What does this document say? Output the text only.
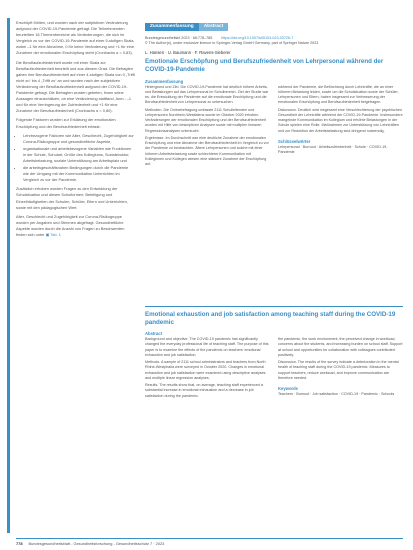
Erschöpft fühlten, und wurden nach der subjektiven Veränderung aufgrund der COVID-19-Pandemie gefragt. Die Teilnehmenden beurteilten 18 Themenbereiche als Veränderungen, die sich im Vergleich zu vor der COVID-19-Pandemie auf einer 5-stufigen Skala, wobei –1 für eine Abnahme, 0 für keine Veränderung und +1 für eine Zunahme der emotionalen Erschöpfung steht (Cronbachs α = 0,83).

Die Beruflaufzufriedenheit wurde mit einer Skala zur Beruflaufzufriedenheit beurteilt und aus diesem Grad. Die Befragten gaben ihre Berufszufriedenheit auf einer 4-stufigen Skala von 0 „Trifft nicht zu“ bis 4 „Trifft zu“ an und wurden nach der subjektiven Veränderung der Beruflaufzufriedenheit aufgrund der COVID-19-Pandemie gefragt. Die Befragten wurden gebeten, ihnen seine Aussagen einzuschätzen, ob eine Veränderung stattfand, Anm.: –1 und für eine Verringerung der Zufriedenheit und +1 für eine Zunahme der Berufszufriedenheit (Cronbachs α = 0,80).

Folgende Faktoren wurden zur Erklärung der emotionalen Erschöpfung und der Berufszufriedenheit erfasst:

• Lehrbezogene Faktoren wie Alter, Geschlecht, Zugehörigkeit zur Corona-Risikogruppe und gesundheitliche Aspekte,
• organisationale und arbeitsbezogene Variablen wie Funktionen in der Schule, Schulart, Größe des Kollegiums, Sozialstruktur, Arbeitsbelastung, soziale Unterstützung am Arbeitsplatz und
• die arbeitsgeschäftsnahen Bedingungen durch die Pandemie wie der Umgang mit der Kommunikation Unterrichten im Vergleich zu vor der Pandemie.

Zusätzlich erhoben wurden Fragen zu den Entwicklung der Schulsituation und diesen Schulformen: Beteiligung und Einzelhäufigkeiten der Schulen, Schüler, Eltern und Unterrichten, sowie mit den pädagogischen Wert.

Alter, Geschlecht und Zugehörigkeit zur Corona-Risikogruppe wurden per Angaben und Stimmen abgefragt. Gesundheitliche Aspekte wurden durch die Anzahl von Fragen zu Beschwerden finden sich unter ▣ Tab. 1

Zusammenfassung	Abstract
Bundesgesundheitsbl 2023 · 66:778–785 https://doi.org/10.1007/s00103-023-03726-7
© The Author(s), under exclusive licence to Springer-Verlag GmbH Germany, part of Springer Nature 2023
L. Hansen · U. Baumann · F. Ravens-Sieberer
Emotionale Erschöpfung und Berufszufriedenheit von Lehrpersonal während der COVID-19-Pandemie
Zusammenfassung

Hintergrund und Ziel. Die COVID-19-Pandemie hat deutlich höhere Arbeits- und Belastungen auf das Lehrpersonal im Schulbereich. Ziel der Studie war es, die Entwicklung der Pandemie auf die emotionale Erschöpfung und die Berufszufriedenheit von Lehrpersonal zu untersuchen.

Methoden. Die Onlinebefragung umfasste 2111 Schulleitenden und Lehrpersonen Nordrhein-Westfalens wurde im Oktober 2020 erhoben. Veränderungen der emotionalen Erschöpfung und der Berufszufriedenheit wurden mit Hilfe von deskriptiven Analysen sowie mit multiplen linearen Regressionsanalysen untersucht.

Ergebnisse. Im Durchschnitt war eine deutliche Zunahme der emotionalen Erschöpfung und eine Abnahme der Berufszufriedenheit im Vergleich zu vor der Pandemie zu beobachten. Ältere Lehrpersonen und solche mit einer höheren Arbeitsbelastung sowie schlechterer Kommunikation mit Kolleginnen und Kollegen wiesen eine stärkere Zunahme der Erschöpfung auf.

während der Pandemie, die Befürchtung durch Lehrkräfte, die an einer höheren Belastung leiden, sowie um die Schulsituation sowie der Schüler, Lehrpersonen und Eltern, haben insgesamt zur Verbesserung der emotionalen Erschöpfung und Berufszufriedenheit beigetragen.

Diskussion. Deutlich wird insgesamt eine Verschlechterung der psychischen Gesundheit der Lehrkräfte während der COVID-19-Pandemie. Insbesondere mangelnde Kommunikation im Kollegium und erhöhte Belastungen in der Schule spielen eine Rolle. Maßnahmen zur Unterstützung von Lehrkräften und zur Reduktion der Arbeitsbelastung sind dringend notwendig.

Schlüsselwörter

Lehrpersonal · Burnout · Arbeitszufriedenheit · Schule · COVID-19-Pandemie

Emotional exhaustion and job satisfaction among teaching staff during the COVID-19 pandemic
Abstract

Background and objective. The COVID-19 pandemic has significantly changed the everyday professional life of teaching staff. The purpose of this paper is to examine the effects of the pandemic on teachers' emotional exhaustion and job satisfaction.

Methods. A sample of 2111 school administrators and teachers from North Rhine-Westphalia were surveyed in October 2020. Changes in emotional exhaustion and job satisfaction were examined using descriptive analyses and multiple linear regression analyses.

Results. The results show that, on average, teaching staff experienced a substantial increase in emotional exhaustion and a decrease in job satisfaction during the pandemic.

the pandemic, the work environment, the perceived change in workload, concerns about the students, and increasing burden on school staff. Support at school and opportunities for collaboration with colleagues contributed positively.

Discussion. The results of the survey indicate a deterioration in the mental health of teaching staff during the COVID-19 pandemic. Measures to support teachers, reduce workload, and improve communication are therefore needed.

Keywords

Teachers · Burnout · Job satisfaction · COVID-19 · Pandemic · Schools

778 Bundesgesundheitsblatt - Gesundheitsforschung - Gesundheitsschutz 7 · 2023
